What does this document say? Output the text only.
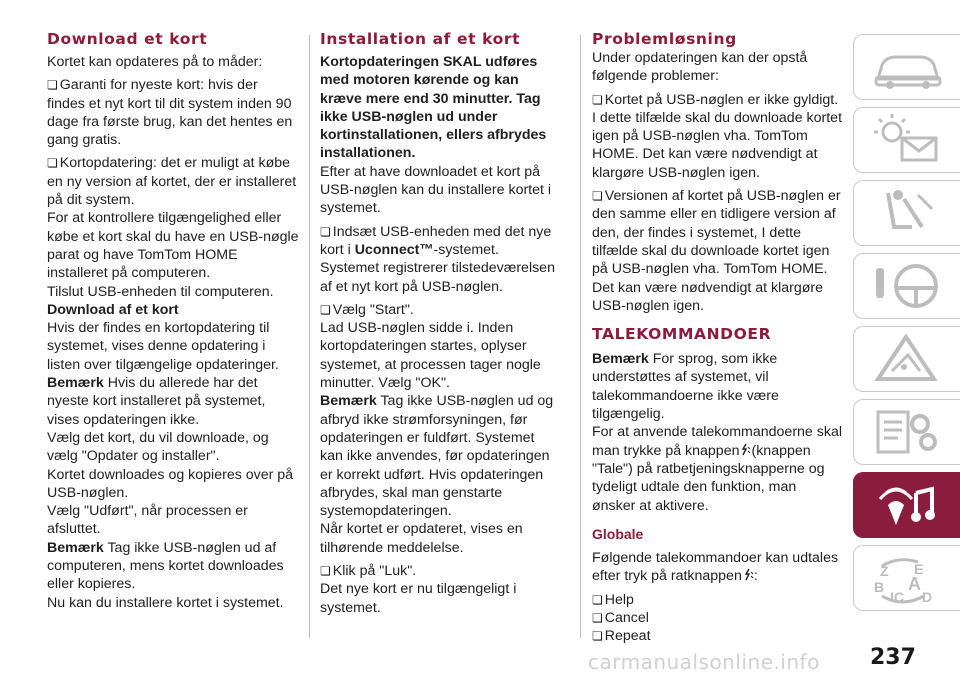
Download et kort

Kortet kan opdateres på to måder:

❏ Garanti for nyeste kort: hvis der findes et nyt kort til dit system inden 90 dage fra første brug, kan det hentes en gang gratis.

❏ Kortopdatering: det er muligt at købe en ny version af kortet, der er installeret på dit system.

For at kontrollere tilgængelighed eller købe et kort skal du have en USB-nøgle parat og have TomTom HOME installeret på computeren.

Tilslut USB-enheden til computeren.

Download af et kort

Hvis der findes en kortopdatering til systemet, vises denne opdatering i listen over tilgængelige opdateringer.

Bemærk Hvis du allerede har det nyeste kort installeret på systemet, vises opdateringen ikke.

Vælg det kort, du vil downloade, og vælg "Opdater og installer".

Kortet downloades og kopieres over på USB-nøglen.

Vælg "Udført", når processen er afsluttet.

Bemærk Tag ikke USB-nøglen ud af computeren, mens kortet downloades eller kopieres.

Nu kan du installere kortet i systemet.

Installation af et kort

Kortopdateringen SKAL udføres med motoren kørende og kan kræve mere end 30 minutter. Tag ikke USB-nøglen ud under kortinstallationen, ellers afbrydes installationen.

Efter at have downloadet et kort på USB-nøglen kan du installere kortet i systemet.

❏ Indsæt USB-enheden med det nye kort i Uconnect™-systemet. Systemet registrerer tilstedeværelsen af et nyt kort på USB-nøglen.

❏ Vælg "Start".

Lad USB-nøglen sidde i. Inden kortopdateringen startes, oplyser systemet, at processen tager nogle minutter. Vælg "OK".

Bemærk Tag ikke USB-nøglen ud og afbryd ikke strømforsyningen, før opdateringen er fuldført. Systemet kan ikke anvendes, før opdateringen er korrekt udført. Hvis opdateringen afbrydes, skal man genstarte systemopdateringen.

Når kortet er opdateret, vises en tilhørende meddelelse.

❏ Klik på "Luk".

Det nye kort er nu tilgængeligt i systemet.

Problemløsning

Under opdateringen kan der opstå følgende problemer:

❏ Kortet på USB-nøglen er ikke gyldigt. I dette tilfælde skal du downloade kortet igen på USB-nøglen vha. TomTom HOME. Det kan være nødvendigt at klargøre USB-nøglen igen.

❏ Versionen af kortet på USB-nøglen er den samme eller en tidligere version af den, der findes i systemet, I dette tilfælde skal du downloade kortet igen på USB-nøglen vha. TomTom HOME. Det kan være nødvendigt at klargøre USB-nøglen igen.

TALEKOMMANDOER

Bemærk For sprog, som ikke understøttes af systemet, vil talekommandoerne ikke være tilgængelig.

For at anvende talekommandoerne skal man trykke på knappen (knappen "Tale") på ratbetjeningsknapperne og tydeligt udtale den funktion, man ønsker at aktivere.

Globale

Følgende talekommandoer kan udtales efter tryk på ratknappen :

❏ Help

❏ Cancel

❏ Repeat

Z E
B A
IC D
carmanualsonline.info 237
